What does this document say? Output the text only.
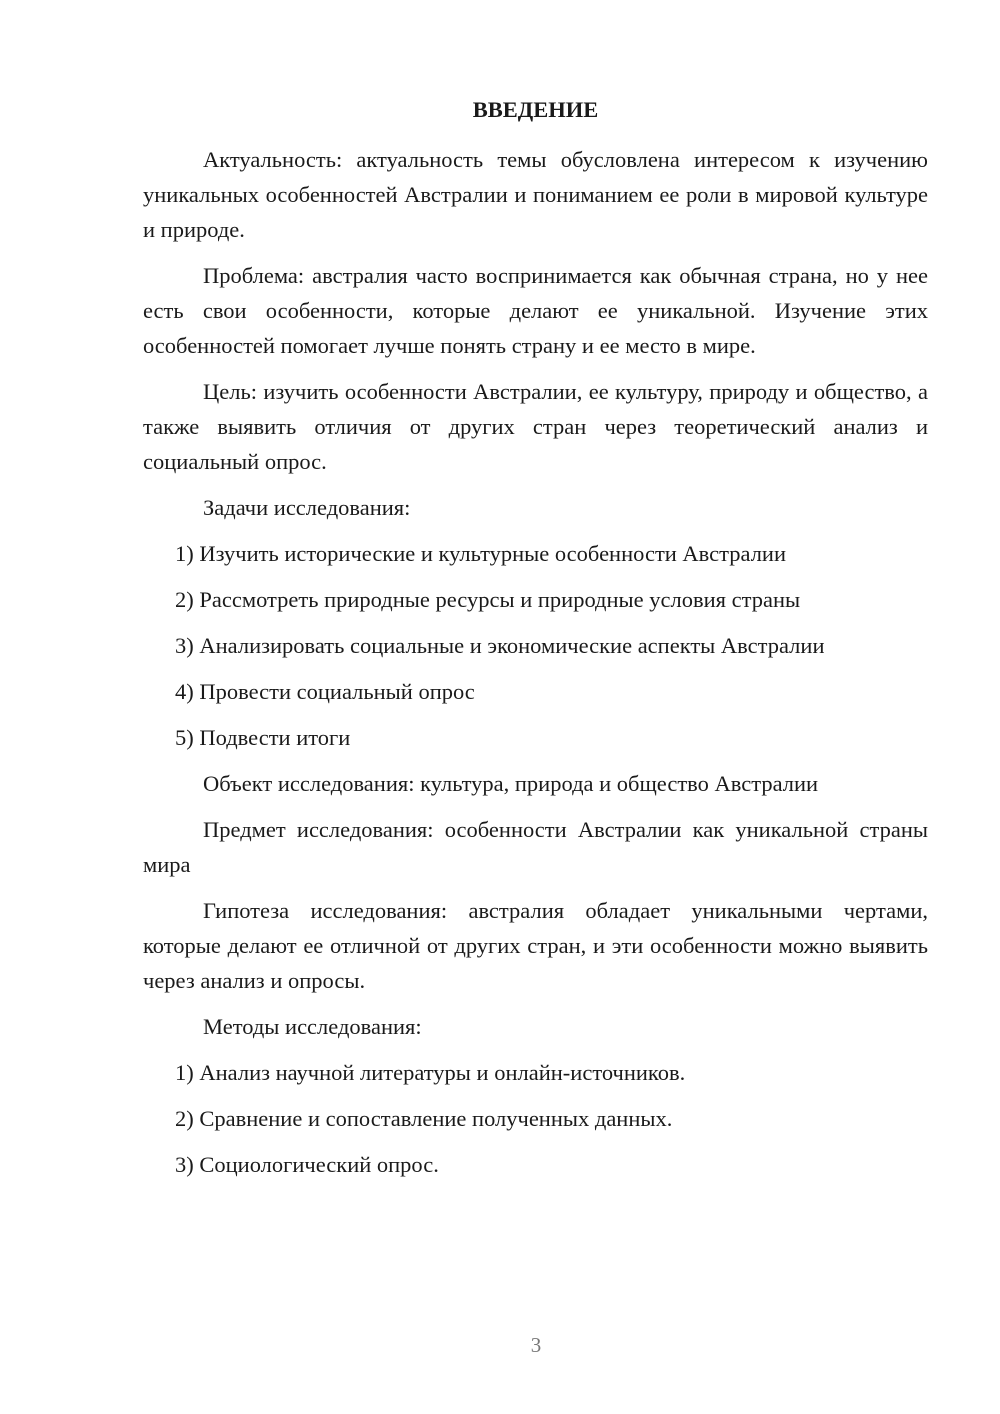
ВВЕДЕНИЕ

Актуальность: актуальность темы обусловлена интересом к изучению уникальных особенностей Австралии и пониманием ее роли в мировой культуре и природе.

Проблема: австралия часто воспринимается как обычная страна, но у нее есть свои особенности, которые делают ее уникальной. Изучение этих особенностей помогает лучше понять страну и ее место в мире.

Цель: изучить особенности Австралии, ее культуру, природу и общество, а также выявить отличия от других стран через теоретический анализ и социальный опрос.

Задачи исследования:

1) Изучить исторические и культурные особенности Австралии
2) Рассмотреть природные ресурсы и природные условия страны
3) Анализировать социальные и экономические аспекты Австралии
4) Провести социальный опрос
5) Подвести итоги

Объект исследования: культура, природа и общество Австралии

Предмет исследования: особенности Австралии как уникальной страны мира

Гипотеза исследования: австралия обладает уникальными чертами, которые делают ее отличной от других стран, и эти особенности можно выявить через анализ и опросы.

Методы исследования:

1) Анализ научной литературы и онлайн-источников.
2) Сравнение и сопоставление полученных данных.
3) Социологический опрос.
3
